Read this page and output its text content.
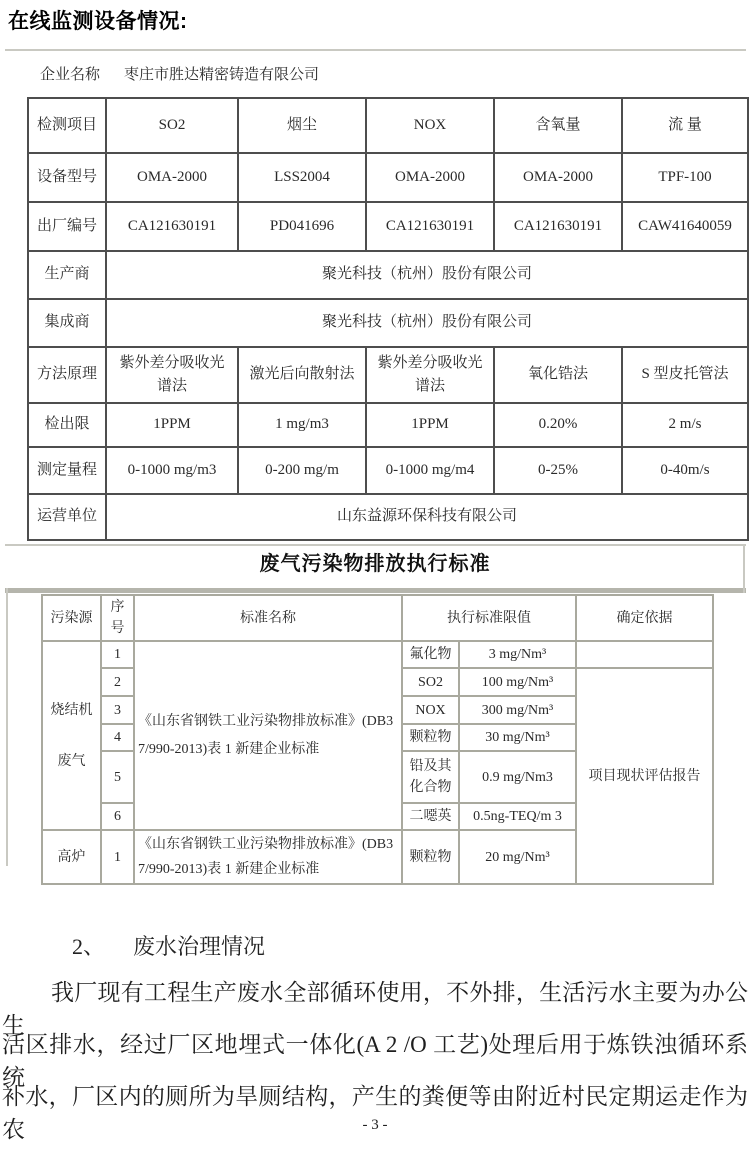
在线监测设备情况:
企业名称 枣庄市胜达精密铸造有限公司
检测项目	SO2	烟尘	NOX	含氧量	流 量
设备型号	OMA-2000	LSS2004	OMA-2000	OMA-2000	TPF-100
出厂编号	CA121630191	PD041696	CA121630191	CA121630191	CAW41640059
生产商	聚光科技（杭州）股份有限公司				
集成商	聚光科技（杭州）股份有限公司				
方法原理	紫外差分吸收光谱法	激光后向散射法	紫外差分吸收光谱法	氧化锆法	S 型皮托管法
检出限	1PPM	1 mg/m3	1PPM	0.20%	2 m/s
测定量程	0-1000 mg/m3	0-200 mg/m	0-1000 mg/m4	0-25%	0-40m/s
运营单位	山东益源环保科技有限公司				
废气污染物排放执行标准
污染源	序号	标准名称	执行标准限值		确定依据

烧结机
废气	1	《山东省钢铁工业污染物排放标准》(DB37/990-2013)表 1 新建企业标准	氟化物	3 mg/Nm³	
	2		SO2	100 mg/Nm³	项目现状评估报告
	3		NOX	300 mg/Nm³	
	4		颗粒物	30 mg/Nm³	
	5		铅及其化合物	0.9 mg/Nm3	
	6		二噁英	0.5ng-TEQ/m 3	
高炉	1	《山东省钢铁工业污染物排放标准》(DB37/990-2013)表 1 新建企业标准	颗粒物	20 mg/Nm³	
2、 废水治理情况
我厂现有工程生产废水全部循环使用，不外排，生活污水主要为办公生
活区排水，经过厂区地埋式一体化(A 2 /O 工艺)处理后用于炼铁浊循环系统
补水，厂区内的厕所为旱厕结构，产生的粪便等由附近村民定期运走作为农	- 3 -
